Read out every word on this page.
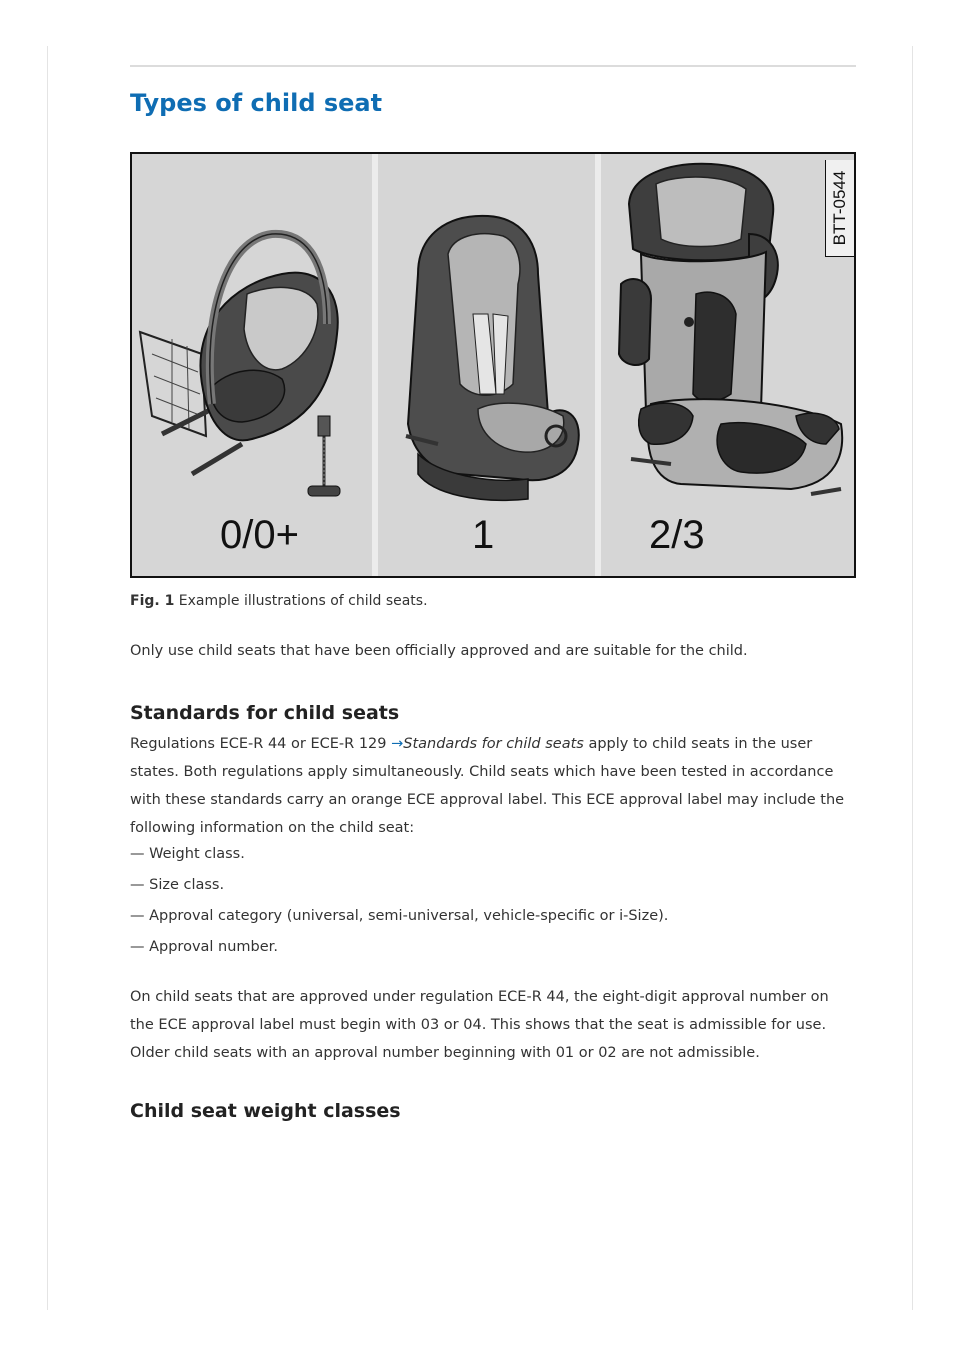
Types of child seat
0/0+	1	2/3
BTT-0544
Fig. 1 Example illustrations of child seats.

Only use child seats that have been officially approved and are suitable for the child.

Standards for child seats

Regulations ECE-R 44 or ECE-R 129 →Standards for child seats apply to child seats in the user states. Both regulations apply simultaneously. Child seats which have been tested in accordance with these standards carry an orange ECE approval label. This ECE approval label may include the following information on the child seat:

— Weight class.
— Size class.
— Approval category (universal, semi-universal, vehicle-specific or i-Size).
— Approval number.

On child seats that are approved under regulation ECE-R 44, the eight-digit approval number on the ECE approval label must begin with 03 or 04. This shows that the seat is admissible for use. Older child seats with an approval number beginning with 01 or 02 are not admissible.

Child seat weight classes
